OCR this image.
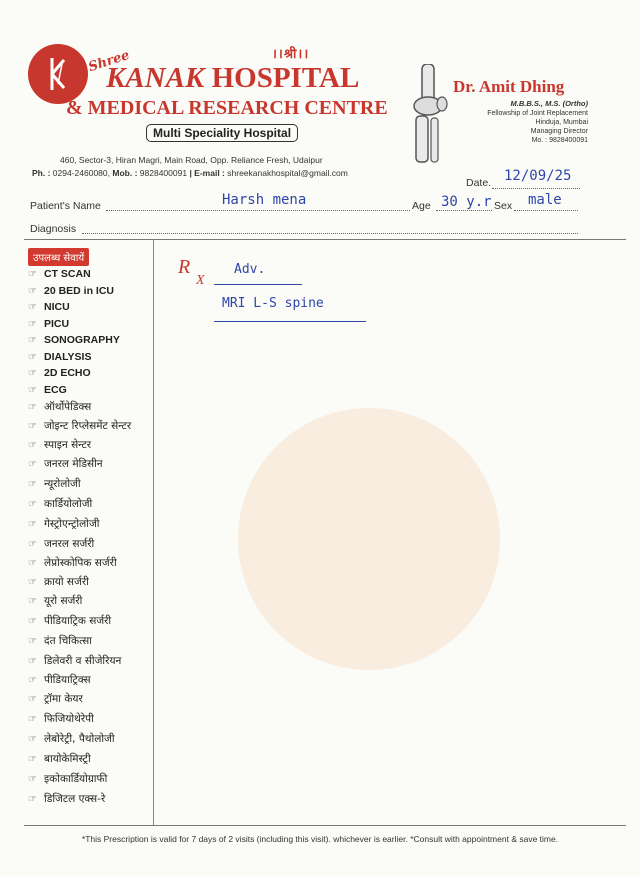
।।श्री।।
Shree
KANAK HOSPITAL
& MEDICAL RESEARCH CENTRE
Multi Speciality Hospital
Dr. Amit Dhing
M.B.B.S., M.S. (Ortho)
Fellowship of Joint Replacement
Hinduja, Mumbai
Managing Director
Mo. : 9828400091
460, Sector-3, Hiran Magri, Main Road, Opp. Reliance Fresh, Udaipur
Ph. : 0294-2460080, Mob. : 9828400091 | E-mail : shreekanakhospital@gmail.com
Date. 12/09/25
Patient's Name	Harsh mena	Age 30 y.r Sex male
Diagnosis
उपलब्ध सेवायें
☞ CT SCAN
☞ 20 BED in ICU
☞ NICU
☞ PICU
☞ SONOGRAPHY
☞ DIALYSIS
☞ 2D ECHO
☞ ECG
☞ ऑर्थोपेडिक्स
☞ जोइन्ट रिप्लेसमेंट सेन्टर
☞ स्पाइन सेन्टर
☞ जनरल मेडिसीन
☞ न्यूरोलोजी
☞ कार्डियोलोजी
☞ गेस्ट्रोएन्ट्रोलोजी
☞ जनरल सर्जरी
☞ लेप्रोस्कोपिक सर्जरी
☞ क्रायो सर्जरी
☞ यूरो सर्जरी
☞ पीडियाट्रिक सर्जरी
☞ दंत चिकित्सा
☞ डिलेवरी व सीजेरियन
☞ पीडियाट्रिक्स
☞ ट्रॉमा केयर
☞ फिजियोथेरेपी
☞ लेबोरेट्री, पैथोलोजी
☞ बायोकेमिस्ट्री
☞ इकोकार्डियोग्राफी
☞ डिजिटल एक्स-रे
R
X
Adv.
MRI L-S spine
*This Prescription is valid for 7 days of 2 visits (including this visit). whichever is earlier. *Consult with appointment & save time.
